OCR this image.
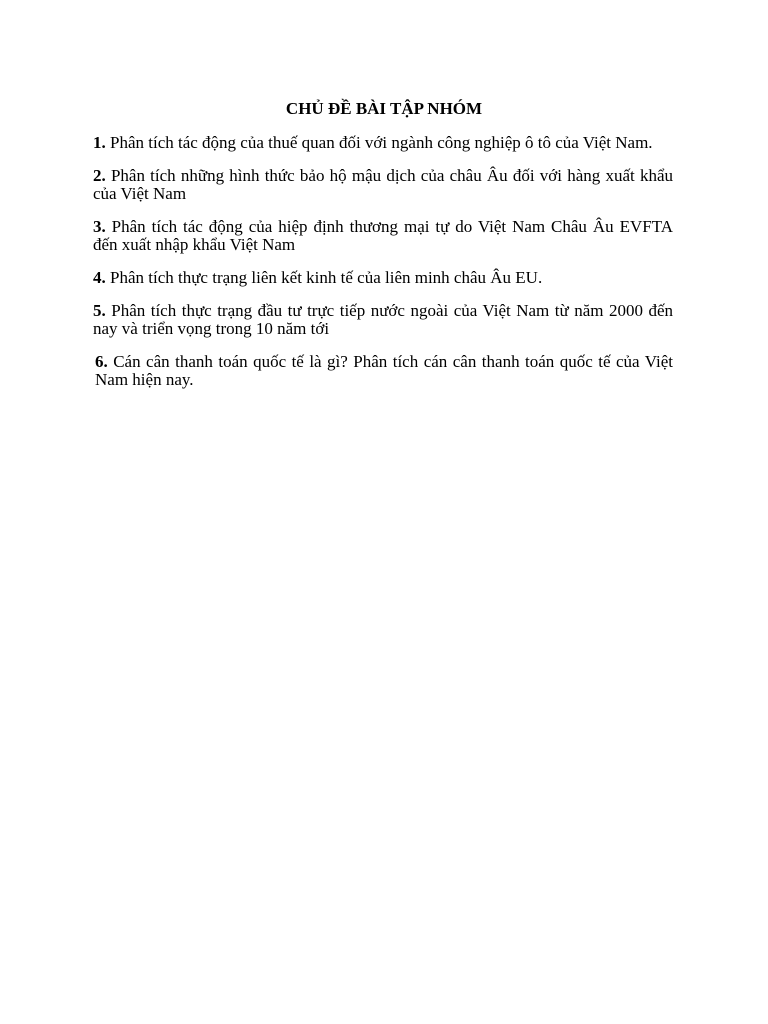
CHỦ ĐỀ BÀI TẬP NHÓM

1. Phân tích tác động của thuế quan đối với ngành công nghiệp ô tô của Việt Nam.

2. Phân tích những hình thức bảo hộ mậu dịch của châu Âu đối với hàng xuất khẩu của Việt Nam

3. Phân tích tác động của hiệp định thương mại tự do Việt Nam Châu Âu EVFTA đến xuất nhập khẩu Việt Nam

4. Phân tích thực trạng liên kết kinh tế của liên minh châu Âu EU.

5. Phân tích thực trạng đầu tư trực tiếp nước ngoài của Việt Nam từ năm 2000 đến nay và triển vọng trong 10 năm tới

6. Cán cân thanh toán quốc tế là gì? Phân tích cán cân thanh toán quốc tế của Việt Nam hiện nay.
